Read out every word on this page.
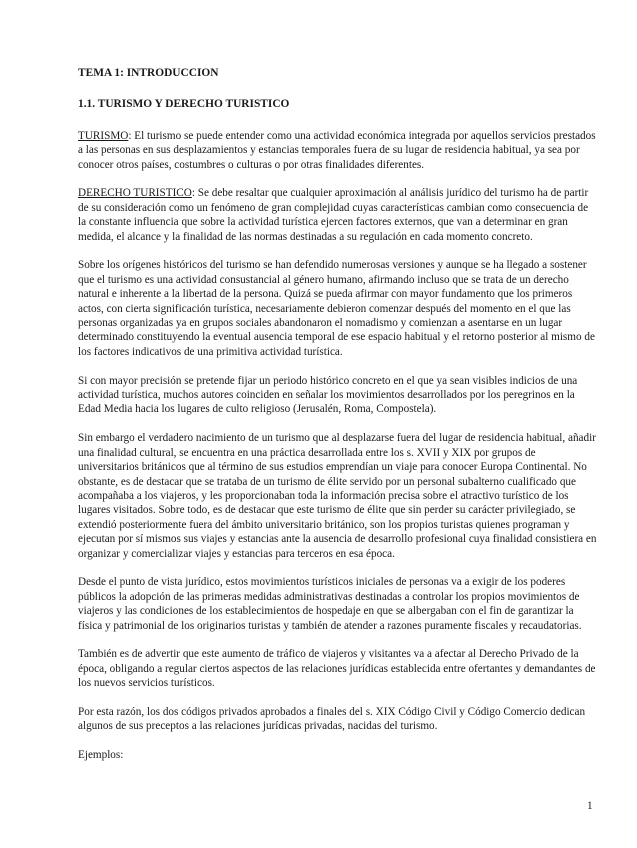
TEMA 1: INTRODUCCION
1.1. TURISMO Y DERECHO TURISTICO

TURISMO: El turismo se puede entender como una actividad económica integrada por aquellos servicios prestados a las personas en sus desplazamientos y estancias temporales fuera de su lugar de residencia habitual, ya sea por conocer otros países, costumbres o culturas o por otras finalidades diferentes.

DERECHO TURISTICO: Se debe resaltar que cualquier aproximación al análisis jurídico del turismo ha de partir de su consideración como un fenómeno de gran complejidad cuyas características cambian como consecuencia de la constante influencia que sobre la actividad turística ejercen factores externos, que van a determinar en gran medida, el alcance y la finalidad de las normas destinadas a su regulación en cada momento concreto.

Sobre los orígenes históricos del turismo se han defendido numerosas versiones y aunque se ha llegado a sostener que el turismo es una actividad consustancial al género humano, afirmando incluso que se trata de un derecho natural e inherente a la libertad de la persona. Quizá se pueda afirmar con mayor fundamento que los primeros actos, con cierta significación turística, necesariamente debieron comenzar después del momento en el que las personas organizadas ya en grupos sociales abandonaron el nomadismo y comienzan a asentarse en un lugar determinado constituyendo la eventual ausencia temporal de ese espacio habitual y el retorno posterior al mismo de los factores indicativos de una primitiva actividad turística.

Si con mayor precisión se pretende fijar un periodo histórico concreto en el que ya sean visibles indicios de una actividad turística, muchos autores coinciden en señalar los movimientos desarrollados por los peregrinos en la Edad Media hacia los lugares de culto religioso (Jerusalén, Roma, Compostela).

Sin embargo el verdadero nacimiento de un turismo que al desplazarse fuera del lugar de residencia habitual, añadir una finalidad cultural, se encuentra en una práctica desarrollada entre los s. XVII y XIX por grupos de universitarios británicos que al término de sus estudios emprendían un viaje para conocer Europa Continental. No obstante, es de destacar que se trataba de un turismo de élite servido por un personal subalterno cualificado que acompañaba a los viajeros, y les proporcionaban toda la información precisa sobre el atractivo turístico de los lugares visitados. Sobre todo, es de destacar que este turismo de élite que sin perder su carácter privilegiado, se extendió posteriormente fuera del ámbito universitario británico, son los propios turistas quienes programan y ejecutan por sí mismos sus viajes y estancias ante la ausencia de desarrollo profesional cuya finalidad consistiera en organizar y comercializar viajes y estancias para terceros en esa época.

Desde el punto de vista jurídico, estos movimientos turísticos iniciales de personas va a exigir de los poderes públicos la adopción de las primeras medidas administrativas destinadas a controlar los propios movimientos de viajeros y las condiciones de los establecimientos de hospedaje en que se albergaban con el fin de garantizar la física y patrimonial de los originarios turistas y también de atender a razones puramente fiscales y recaudatorias.

También es de advertir que este aumento de tráfico de viajeros y visitantes va a afectar al Derecho Privado de la época, obligando a regular ciertos aspectos de las relaciones jurídicas establecida entre ofertantes y demandantes de los nuevos servicios turísticos.

Por esta razón, los dos códigos privados aprobados a finales del s. XIX Código Civil y Código Comercio dedican algunos de sus preceptos a las relaciones jurídicas privadas, nacidas del turismo.

Ejemplos:

1
